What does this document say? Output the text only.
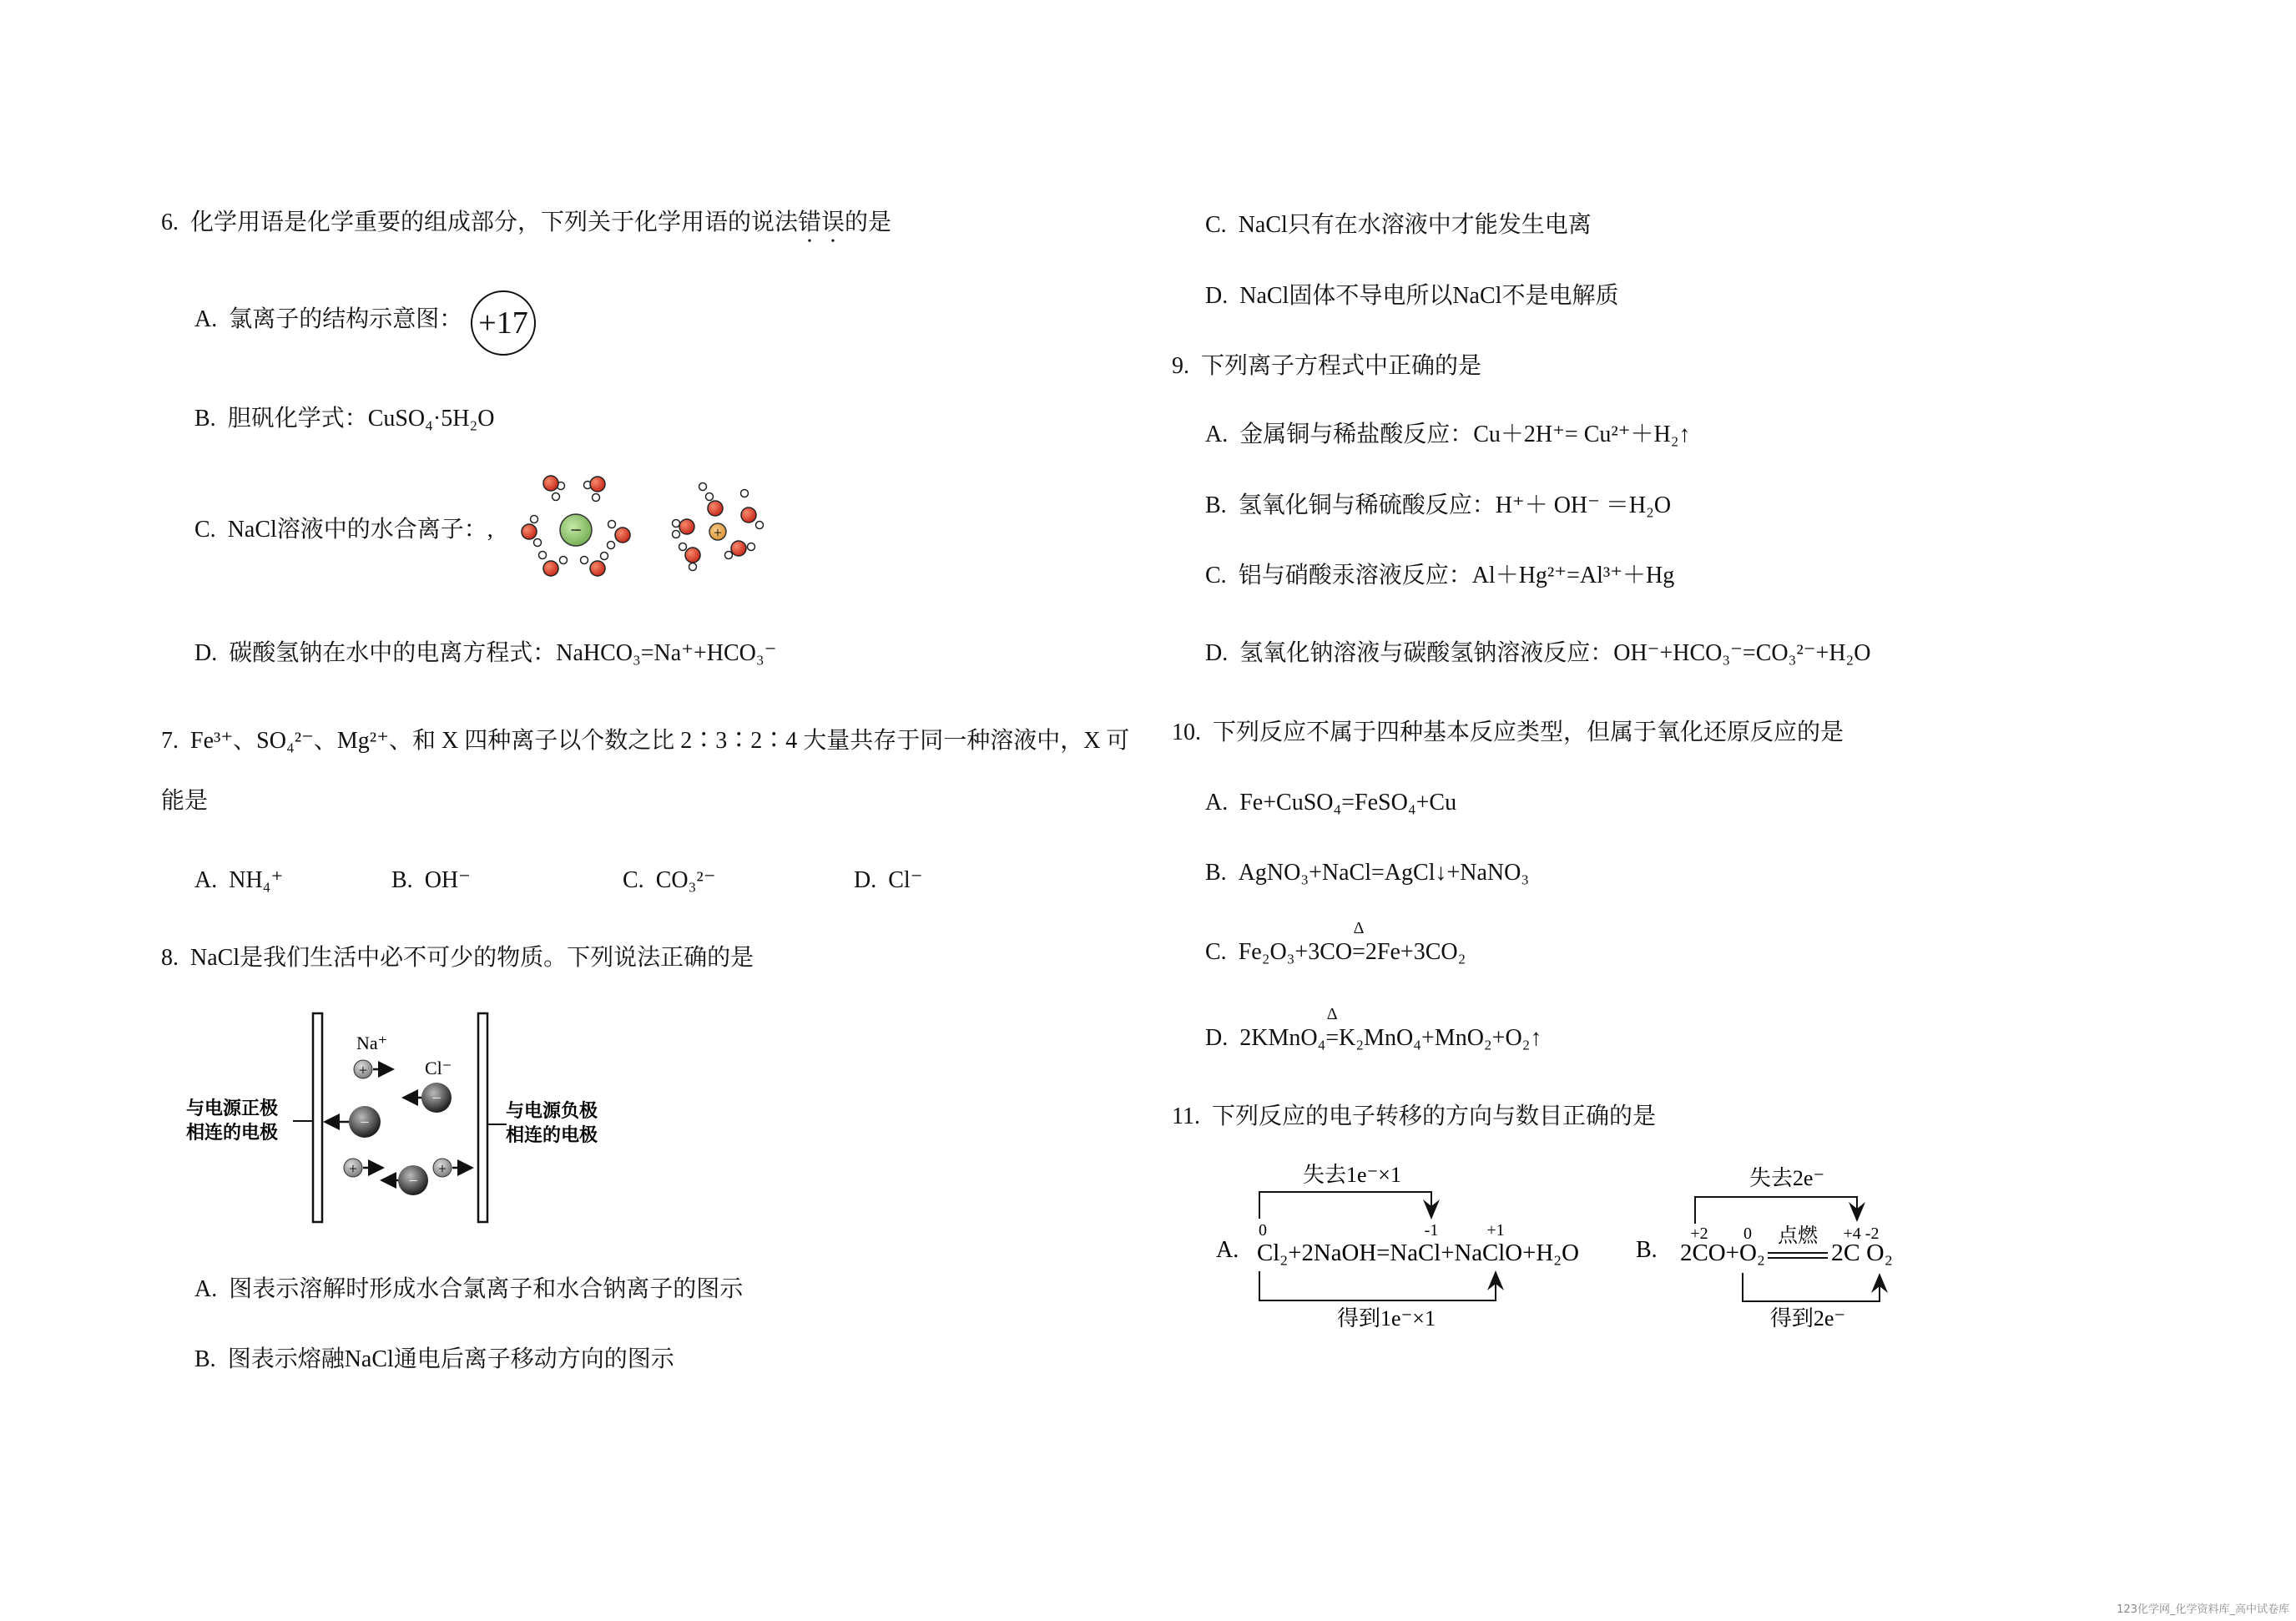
6. 化学用语是化学重要的组成部分，下列关于化学用语的说法错误的是
A. 氯离子的结构示意图： +17
B. 胆矾化学式：CuSO₄·5H₂O
C. NaCl溶液中的水合离子：,	−	+
D. 碳酸氢钠在水中的电离方程式：NaHCO₃=Na⁺+HCO₃⁻
7. Fe³⁺、SO₄²⁻、Mg²⁺、和 X 四种离子以个数之比 2∶3∶2∶4 大量共存于同一种溶液中，X 可
能是
A. NH₄⁺	B. OH⁻	C. CO₃²⁻	D. Cl⁻
8. NaCl是我们生活中必不可少的物质。下列说法正确的是
与电源正极
相连的电极
与电源负极
相连的电极
Na⁺
Cl⁻
+
−
−
+
−
+
A. 图表示溶解时形成水合氯离子和水合钠离子的图示
B. 图表示熔融NaCl通电后离子移动方向的图示
C. NaCl只有在水溶液中才能发生电离
D. NaCl固体不导电所以NaCl不是电解质
9. 下列离子方程式中正确的是
A. 金属铜与稀盐酸反应：Cu＋2H⁺= Cu²⁺＋H₂↑
B. 氢氧化铜与稀硫酸反应：H⁺＋ OH⁻ ＝H₂O
C. 铝与硝酸汞溶液反应：Al＋Hg²⁺=Al³⁺＋Hg
D. 氢氧化钠溶液与碳酸氢钠溶液反应：OH⁻+HCO₃⁻=CO₃²⁻+H₂O
10. 下列反应不属于四种基本反应类型，但属于氧化还原反应的是
A. Fe+CuSO₄=FeSO₄+Cu
B. AgNO₃+NaCl=AgCl↓+NaNO₃
C. Fe₂O₃+3CO
Δ
=2Fe+3CO₂
D. 2KMnO₄
Δ
=K₂MnO₄+MnO₂+O₂↑
11. 下列反应的电子转移的方向与数目正确的是
A.
失去1e⁻×1
0	-1	+1
Cl₂+2NaOH=NaCl+NaClO+H₂O
得到1e⁻×1
B.
失去2e⁻
+2 0 点燃 +4 -2
2CO+O₂	2C O₂
得到2e⁻
123化学网_化学资料库_高中试卷库
